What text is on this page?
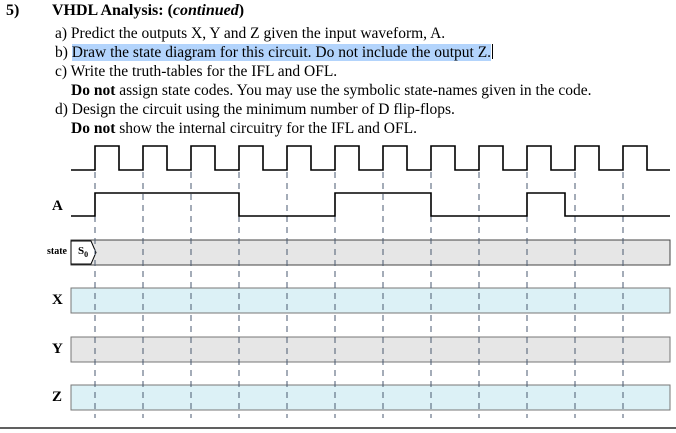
5) VHDL Analysis: (continued)
a) Predict the outputs X, Y and Z given the input waveform, A.
b) Draw the state diagram for this circuit. Do not include the output Z.
c) Write the truth-tables for the IFL and OFL.
Do not assign state codes. You may use the symbolic state-names given in the code.
d) Design the circuit using the minimum number of D flip-flops.
Do not show the internal circuitry for the IFL and OFL.
A
state $S_0$
X
Y
Z
